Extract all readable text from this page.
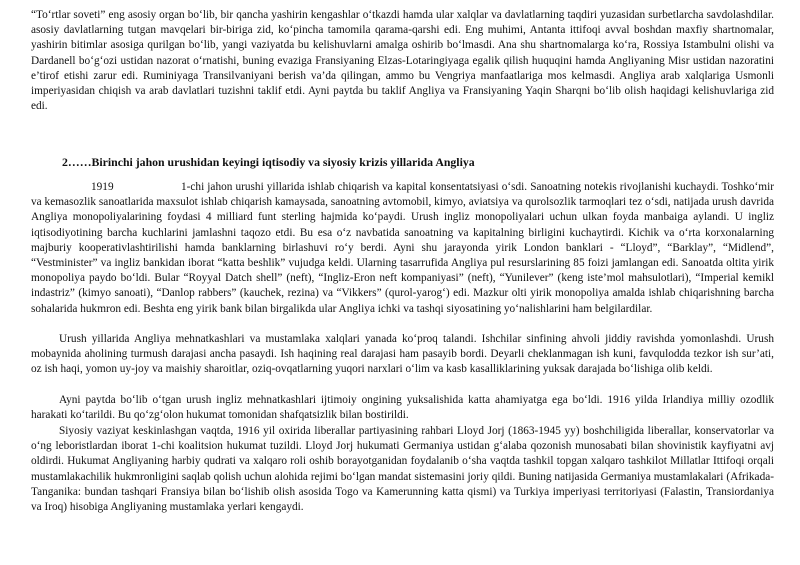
“To‘rtlar soveti” eng asosiy organ bo‘lib, bir qancha yashirin kengashlar o‘tkazdi hamda ular xalqlar va davlatlarning taqdiri yuzasidan surbetlarcha savdolashdilar. asosiy davlatlarning tutgan mavqelari bir-biriga zid, ko‘pincha tamomila qarama-qarshi edi. Eng muhimi, Antanta ittifoqi avval boshdan maxfiy shartnomalar, yashirin bitimlar asosiga qurilgan bo‘lib, yangi vaziyatda bu kelishuvlarni amalga oshirib bo‘lmasdi. Ana shu shartnomalarga ko‘ra, Rossiya Istambulni olishi va Dardanell bo‘g‘ozi ustidan nazorat o‘rnatishi, buning evaziga Fransiyaning Elzas-Lotaringiyaga egalik qilish huquqini hamda Angliyaning Misr ustidan nazoratini e’tirof etishi zarur edi. Ruminiyaga Transilvaniyani berish va’da qilingan, ammo bu Vengriya manfaatlariga mos kelmasdi. Angliya arab xalqlariga Usmonli imperiyasidan chiqish va arab davlatlari tuzishni taklif etdi. Ayni paytda bu taklif Angliya va Fransiyaning Yaqin Sharqni bo‘lib olish haqidagi kelishuvlariga zid edi.

2……Birinchi jahon urushidan keyingi iqtisodiy va siyosiy krizis yillarida Angliya

1919	1-chi jahon urushi yillarida ishlab chiqarish va kapital konsentatsiyasi o‘sdi. Sanoatning notekis rivojlanishi kuchaydi. Toshko‘mir va kemasozlik sanoatlarida maxsulot ishlab chiqarish kamaysada, sanoatning avtomobil, kimyo, aviatsiya va qurolsozlik tarmoqlari tez o‘sdi, natijada urush davrida Angliya monopoliyalarining foydasi 4 milliard funt sterling hajmida ko‘paydi. Urush ingliz monopoliyalari uchun ulkan foyda manbaiga aylandi. U ingliz iqtisodiyotining barcha kuchlarini jamlashni taqozo etdi. Bu esa o‘z navbatida sanoatning va kapitalning birligini kuchaytirdi. Kichik va o‘rta korxonalarning majburiy kooperativlashtirilishi hamda banklarning birlashuvi ro‘y berdi. Ayni shu jarayonda yirik London banklari - “Lloyd”, “Barklay”, “Midlend”, “Vestminister” va ingliz bankidan iborat “katta beshlik” vujudga keldi. Ularning tasarrufida Angliya pul resurslarining 85 foizi jamlangan edi. Sanoatda oltita yirik monopoliya paydo bo‘ldi. Bular “Royyal Datch shell” (neft), “Ingliz-Eron neft kompaniyasi” (neft), “Yunilever” (keng iste’mol mahsulotlari), “Imperial kemikl indastriz” (kimyo sanoati), “Danlop rabbers” (kauchek, rezina) va “Vikkers” (qurol-yarog‘) edi. Mazkur olti yirik monopoliya amalda ishlab chiqarishning barcha sohalarida hukmron edi. Beshta eng yirik bank bilan birgalikda ular Angliya ichki va tashqi siyosatining yo‘nalishlarini ham belgilardilar.

Urush yillarida Angliya mehnatkashlari va mustamlaka xalqlari yanada ko‘proq talandi. Ishchilar sinfining ahvoli jiddiy ravishda yomonlashdi. Urush mobaynida aholining turmush darajasi ancha pasaydi. Ish haqining real darajasi ham pasayib bordi. Deyarli cheklanmagan ish kuni, favqulodda tezkor ish sur’ati, oz ish haqi, yomon uy-joy va maishiy sharoitlar, oziq-ovqatlarning yuqori narxlari o‘lim va kasb kasalliklarining yuksak darajada bo‘lishiga olib keldi.

Ayni paytda bo‘lib o‘tgan urush ingliz mehnatkashlari ijtimoiy ongining yuksalishida katta ahamiyatga ega bo‘ldi. 1916 yilda Irlandiya milliy ozodlik harakati ko‘tarildi. Bu qo‘zg‘olon hukumat tomonidan shafqatsizlik bilan bostirildi.

Siyosiy vaziyat keskinlashgan vaqtda, 1916 yil oxirida liberallar partiyasining rahbari Lloyd Jorj (1863-1945 yy) boshchiligida liberallar, konservatorlar va o‘ng leboristlardan iborat 1-chi koalitsion hukumat tuzildi. Lloyd Jorj hukumati Germaniya ustidan g‘alaba qozonish munosabati bilan shovinistik kayfiyatni avj oldirdi. Hukumat Angliyaning harbiy qudrati va xalqaro roli oshib borayotganidan foydalanib o‘sha vaqtda tashkil topgan xalqaro tashkilot Millatlar Ittifoqi orqali mustamlakachilik hukmronligini saqlab qolish uchun alohida rejimi bo‘lgan mandat sistemasini joriy qildi. Buning natijasida Germaniya mustamlakalari (Afrikada-Tanganika: bundan tashqari Fransiya bilan bo‘lishib olish asosida Togo va Kamerunning katta qismi) va Turkiya imperiyasi territoriyasi (Falastin, Transiordaniya va Iroq) hisobiga Angliyaning mustamlaka yerlari kengaydi.
